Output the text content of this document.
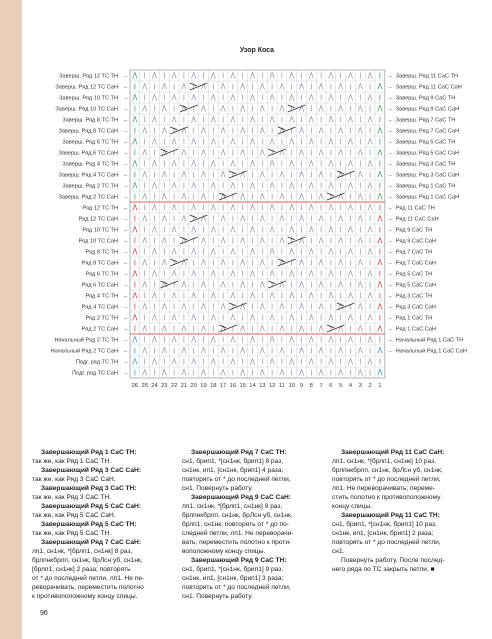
Узор Коса
Заверш. Ряд 12 ТС ТН →
Заверш. Ряд 12 ТС СаН →
Заверш. Ряд 10 ТС ТН →
Заверш. Ряд 10 ТС СаН →
Заверш. Ряд 8 ТС ТН →
Заверш. Ряд 8 ТС СаН →
Заверш. Ряд 6 ТС ТН →
Заверш. Ряд 6 ТС СаН →
Заверш. Ряд 4 ТС ТН →
Заверш. Ряд 4 ТС СаН →
Заверш. Ряд 2 ТС ТН →
Заверш. Ряд 2 ТС СаН →
Ряд 12 ТС ТН →
Ряд 12 ТС СаН →
Ряд 10 ТС ТН →
Ряд 10 ТС СаН →
Ряд 8 ТС ТН →
Ряд 8 ТС СаН →
Ряд 6 ТС ТН →
Ряд 6 ТС СаН →
Ряд 4 ТС ТН →
Ряд 4 ТС СаН →
Ряд 2 ТС ТН →
Ряд 2 ТС СаН →
Начальный Ряд 2 ТС ТН →
Начальный Ряд 2 ТС СаН →
Подг. ряд ТС ТН →
Подг. ряд ТС СаН →
← Заверш. Ряд 11 СаС ТН
← Заверш. Ряд 11 СаС СаН
← Заверш. Ряд 9 СаС ТН
← Заверш. Ряд 9 СаС СаН
← Заверш. Ряд 7 СаС ТН
← Заверш. Ряд 7 СаС СаН
← Заверш. Ряд 5 СаС ТН
← Заверш. Ряд 5 СаС СаН
← Заверш. Ряд 3 СаС ТН
← Заверш. Ряд 3 СаС СаН
← Заверш. Ряд 1 СаС ТН
← Заверш. Ряд 1 СаС СаН
← Ряд 11 СаС ТН
← Ряд 11 СаС СаН
← Ряд 9 СаС ТН
← Ряд 9 СаС СаН
← Ряд 7 СаС ТН
← Ряд 7 СаС СаН
← Ряд 5 СаС ТН
← Ряд 5 СаС СаН
← Ряд 3 СаС ТН
← Ряд 3 СаС СаН
← Ряд 1 СаС ТН
← Ряд 1 СаС СаН
← Начальный Ряд 1 СаС ТН
← Начальный Ряд 1 СаС СаН
26 25 24 23 22 21 20 19 18 17 16 15 14 13 12 11 10 9 8 7 6 5 4 3 2 1

Завершающий Ряд 1 СаС ТН:

так же, как Ряд 1 СаС ТН.

Завершающий Ряд 3 СаС СаН:

так же, как Ряд 3 СаС СаН.

Завершающий Ряд 3 СаС ТН:

так же, как Ряд 3 СаС ТН.

Завершающий Ряд 5 СаС СаН:

так же, как Ряд 5 СаС СаН.

Завершающий Ряд 5 СаС ТН:

так же, как Ряд 5 СаС ТН.

Завершающий Ряд 7 СаС СаН:

лп1, сн1нк, *[брлп1, сн1нк] 8 раз,

брлпнкбрлп, сн1нк, брЛсн уб, сн1нк,

[брлп1, сн1нк] 2 раза; повторять

от * до последней петли, лп1. Не пе-

реворачивать; переместить полотно

к противоположному концу спицы.

Завершающий Ряд 7 СаС ТН:

сн1, брип1, *[сн1нк, брип1] 8 раз,

сн1нк, ип1, [сн1нк, брип1] 4 раза;

повторять от * до последней петли,

сн1. Повернуть работу.

Завершающий Ряд 9 СаС СаН:

лп1, сн1нк, *[брлп1, сн1нк] 9 раз,

брлпнкбрлп, сн1нк, брЛсн уб, сн1нк,

брлп1, сн1нк; повторять от * до по-

следней петли, лп1. Не переворачи-

вать; переместить полотно к проти-

воположному концу спицы.

Завершающий Ряд 9 СаС ТН:

сн1, брип1, *[сн1нк, брип1] 9 раз,

сн1нк, ип1, [сн1нк, брип1] 3 раза;

повторять от * до последней петли,

сн1. Повернуть работу.

Завершающий Ряд 11 СаС СаН:

лп1, сн1нк, *[брлп1, сн1нк] 10 раз,

брлпнкбрлп, сн1нк, брЛсн уб, сн1нк;

повторять от * до последней петли,

лп1. Не переворачивать; переме-

стить полотно к противоположному

концу спицы.

Завершающий Ряд 11 СаС ТН:

сн1, брип1, *[сн1нк, брип1] 10 раз,

сн1нк, ип1, [сн1нк, брип1] 2 раза;

повторять от * до последней петли,

сн1.

Повернуть работу. После послед-

него ряда по ТС закрыть петли. ■

96
